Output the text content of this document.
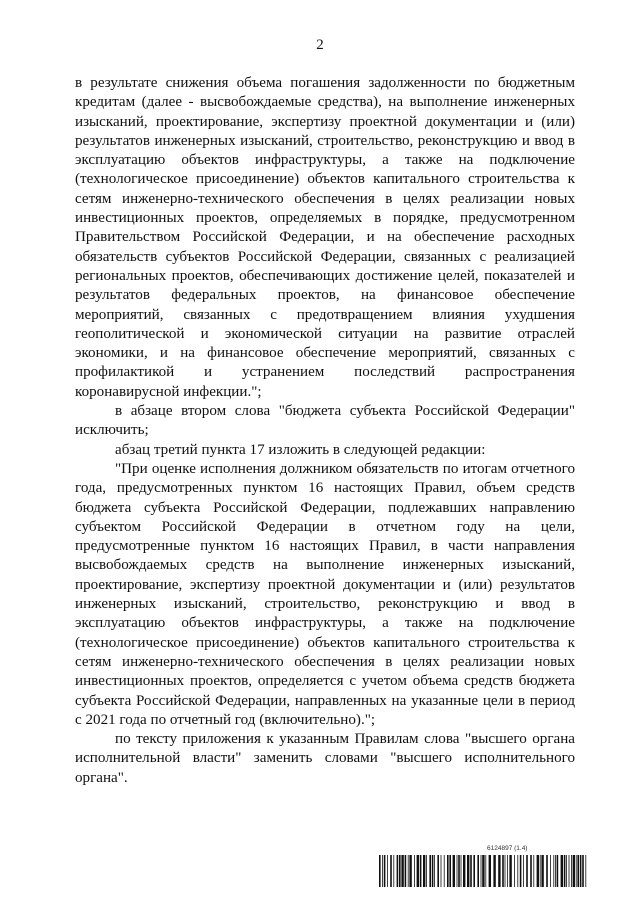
2

в результате снижения объема погашения задолженности по бюджетным кредитам (далее - высвобождаемые средства), на выполнение инженерных изысканий, проектирование, экспертизу проектной документации и (или) результатов инженерных изысканий, строительство, реконструкцию и ввод в эксплуатацию объектов инфраструктуры, а также на подключение (технологическое присоединение) объектов капитального строительства к сетям инженерно-технического обеспечения в целях реализации новых инвестиционных проектов, определяемых в порядке, предусмотренном Правительством Российской Федерации, и на обеспечение расходных обязательств субъектов Российской Федерации, связанных с реализацией региональных проектов, обеспечивающих достижение целей, показателей и результатов федеральных проектов, на финансовое обеспечение мероприятий, связанных с предотвращением влияния ухудшения геополитической и экономической ситуации на развитие отраслей экономики, и на финансовое обеспечение мероприятий, связанных с профилактикой и устранением последствий распространения коронавирусной инфекции.";

в абзаце втором слова "бюджета субъекта Российской Федерации" исключить;

абзац третий пункта 17 изложить в следующей редакции:

"При оценке исполнения должником обязательств по итогам отчетного года, предусмотренных пунктом 16 настоящих Правил, объем средств бюджета субъекта Российской Федерации, подлежавших направлению субъектом Российской Федерации в отчетном году на цели, предусмотренные пунктом 16 настоящих Правил, в части направления высвобождаемых средств на выполнение инженерных изысканий, проектирование, экспертизу проектной документации и (или) результатов инженерных изысканий, строительство, реконструкцию и ввод в эксплуатацию объектов инфраструктуры, а также на подключение (технологическое присоединение) объектов капитального строительства к сетям инженерно-технического обеспечения в целях реализации новых инвестиционных проектов, определяется с учетом объема средств бюджета субъекта Российской Федерации, направленных на указанные цели в период с 2021 года по отчетный год (включительно).";

по тексту приложения к указанным Правилам слова "высшего органа исполнительной власти" заменить словами "высшего исполнительного органа".

6124897 (1.4)
